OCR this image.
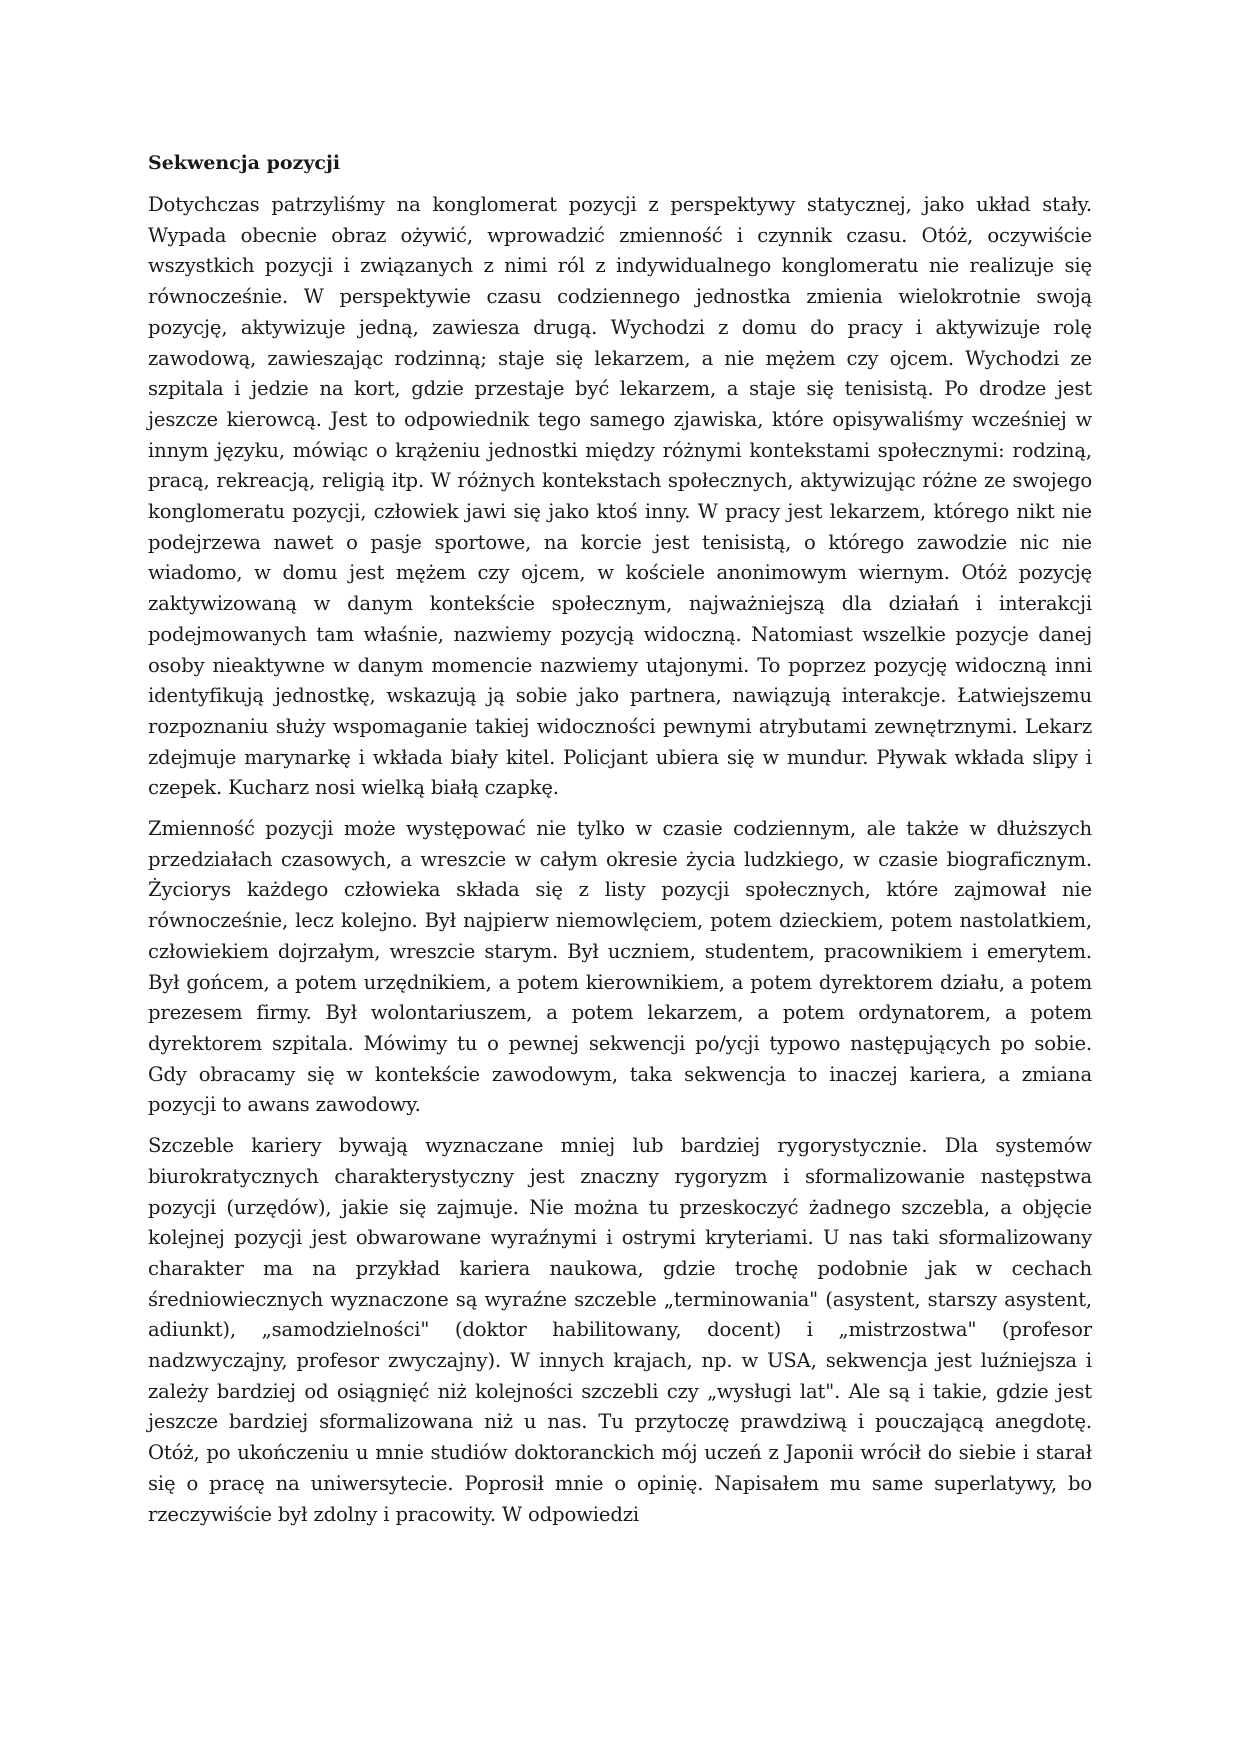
Sekwencja pozycji

Dotychczas patrzyliśmy na konglomerat pozycji z perspektywy statycznej, jako układ stały. Wypada obecnie obraz ożywić, wprowadzić zmienność i czynnik czasu. Otóż, oczywiście wszystkich pozycji i związanych z nimi ról z indywidualnego konglomeratu nie realizuje się równocześnie. W perspektywie czasu codziennego jednostka zmienia wielokrotnie swoją pozycję, aktywizuje jedną, zawiesza drugą. Wychodzi z domu do pracy i aktywizuje rolę zawodową, zawieszając rodzinną; staje się lekarzem, a nie mężem czy ojcem. Wychodzi ze szpitala i jedzie na kort, gdzie przestaje być lekarzem, a staje się tenisistą. Po drodze jest jeszcze kierowcą. Jest to odpowiednik tego samego zjawiska, które opisywaliśmy wcześniej w innym języku, mówiąc o krążeniu jednostki między różnymi kontekstami społecznymi: rodziną, pracą, rekreacją, religią itp. W różnych kontekstach społecznych, aktywizując różne ze swojego konglomeratu pozycji, człowiek jawi się jako ktoś inny. W pracy jest lekarzem, którego nikt nie podejrzewa nawet o pasje sportowe, na korcie jest tenisistą, o którego zawodzie nic nie wiadomo, w domu jest mężem czy ojcem, w kościele anonimowym wiernym. Otóż pozycję zaktywizowaną w danym kontekście społecznym, najważniejszą dla działań i interakcji podejmowanych tam właśnie, nazwiemy pozycją widoczną. Natomiast wszelkie pozycje danej osoby nieaktywne w danym momencie nazwiemy utajonymi. To poprzez pozycję widoczną inni identyfikują jednostkę, wskazują ją sobie jako partnera, nawiązują interakcje. Łatwiejszemu rozpoznaniu służy wspomaganie takiej widoczności pewnymi atrybutami zewnętrznymi. Lekarz zdejmuje marynarkę i wkłada biały kitel. Policjant ubiera się w mundur. Pływak wkłada slipy i czepek. Kucharz nosi wielką białą czapkę.

Zmienność pozycji może występować nie tylko w czasie codziennym, ale także w dłuższych przedziałach czasowych, a wreszcie w całym okresie życia ludzkiego, w czasie biograficznym. Życiorys każdego człowieka składa się z listy pozycji społecznych, które zajmował nie równocześnie, lecz kolejno. Był najpierw niemowlęciem, potem dzieckiem, potem nastolatkiem, człowiekiem dojrzałym, wreszcie starym. Był uczniem, studentem, pracownikiem i emerytem. Był gońcem, a potem urzędnikiem, a potem kierownikiem, a potem dyrektorem działu, a potem prezesem firmy. Był wolontariuszem, a potem lekarzem, a potem ordynatorem, a potem dyrektorem szpitala. Mówimy tu o pewnej sekwencji po/ycji typowo następujących po sobie. Gdy obracamy się w kontekście zawodowym, taka sekwencja to inaczej kariera, a zmiana pozycji to awans zawodowy.

Szczeble kariery bywają wyznaczane mniej lub bardziej rygorystycznie. Dla systemów biurokratycznych charakterystyczny jest znaczny rygoryzm i sformalizowanie następstwa pozycji (urzędów), jakie się zajmuje. Nie można tu przeskoczyć żadnego szczebla, a objęcie kolejnej pozycji jest obwarowane wyraźnymi i ostrymi kryteriami. U nas taki sformalizowany charakter ma na przykład kariera naukowa, gdzie trochę podobnie jak w cechach średniowiecznych wyznaczone są wyraźne szczeble „terminowania" (asystent, starszy asystent, adiunkt), „samodzielności" (doktor habilitowany, docent) i „mistrzostwa" (profesor nadzwyczajny, profesor zwyczajny). W innych krajach, np. w USA, sekwencja jest luźniejsza i zależy bardziej od osiągnięć niż kolejności szczebli czy „wysługi lat". Ale są i takie, gdzie jest jeszcze bardziej sformalizowana niż u nas. Tu przytoczę prawdziwą i pouczającą anegdotę. Otóż, po ukończeniu u mnie studiów doktoranckich mój uczeń z Japonii wrócił do siebie i starał się o pracę na uniwersytecie. Poprosił mnie o opinię. Napisałem mu same superlatywy, bo rzeczywiście był zdolny i pracowity. W odpowiedzi
